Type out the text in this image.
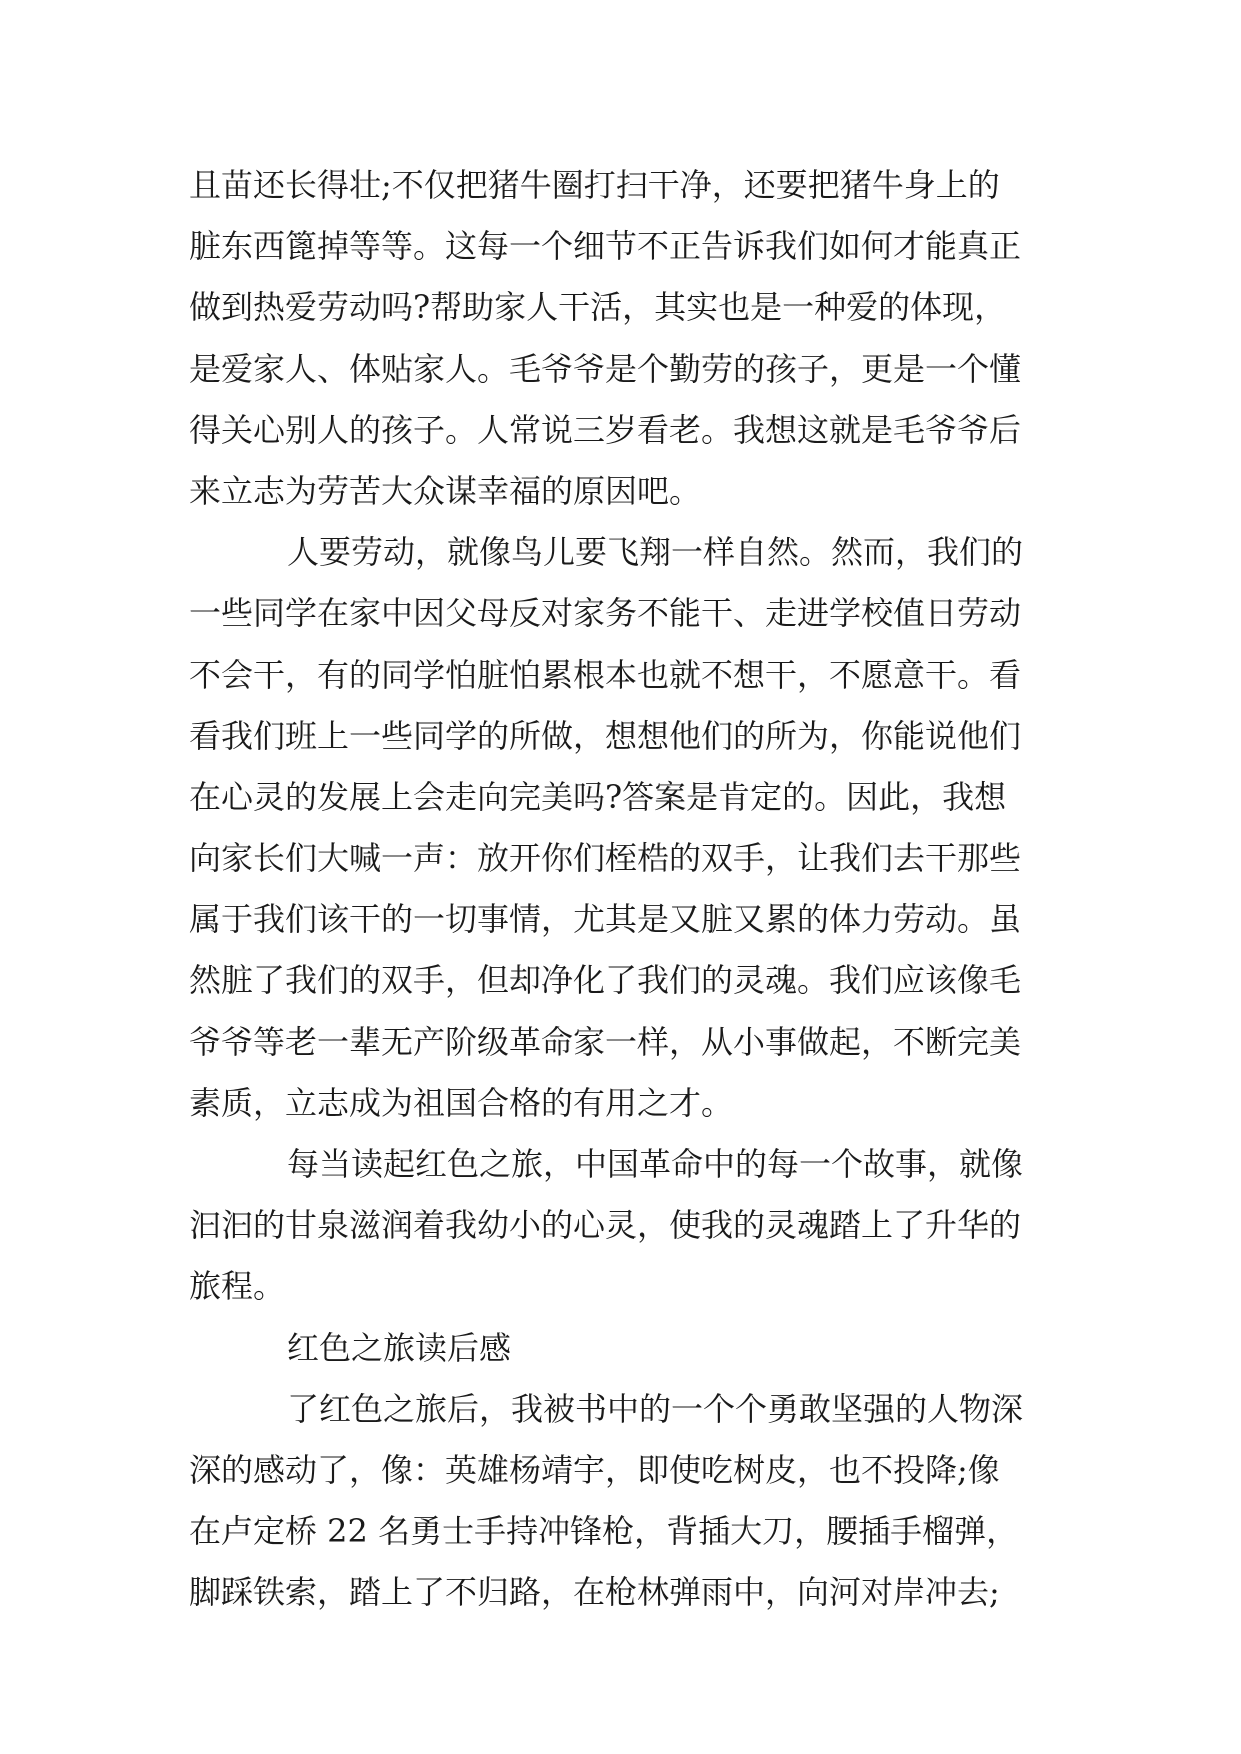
且苗还长得壮;不仅把猪牛圈打扫干净，还要把猪牛身上的
脏东西篦掉等等。这每一个细节不正告诉我们如何才能真正
做到热爱劳动吗?帮助家人干活，其实也是一种爱的体现，
是爱家人、体贴家人。毛爷爷是个勤劳的孩子，更是一个懂
得关心别人的孩子。人常说三岁看老。我想这就是毛爷爷后
来立志为劳苦大众谋幸福的原因吧。
人要劳动，就像鸟儿要飞翔一样自然。然而，我们的
一些同学在家中因父母反对家务不能干、走进学校值日劳动
不会干，有的同学怕脏怕累根本也就不想干，不愿意干。看
看我们班上一些同学的所做，想想他们的所为，你能说他们
在心灵的发展上会走向完美吗?答案是肯定的。因此，我想
向家长们大喊一声：放开你们桎梏的双手，让我们去干那些
属于我们该干的一切事情，尤其是又脏又累的体力劳动。虽
然脏了我们的双手，但却净化了我们的灵魂。我们应该像毛
爷爷等老一辈无产阶级革命家一样，从小事做起，不断完美
素质，立志成为祖国合格的有用之才。
每当读起红色之旅，中国革命中的每一个故事，就像
汩汩的甘泉滋润着我幼小的心灵，使我的灵魂踏上了升华的
旅程。
红色之旅读后感
了红色之旅后，我被书中的一个个勇敢坚强的人物深
深的感动了，像：英雄杨靖宇，即使吃树皮，也不投降;像
在卢定桥 22 名勇士手持冲锋枪，背插大刀，腰插手榴弹，
脚踩铁索，踏上了不归路，在枪林弹雨中，向河对岸冲去;
